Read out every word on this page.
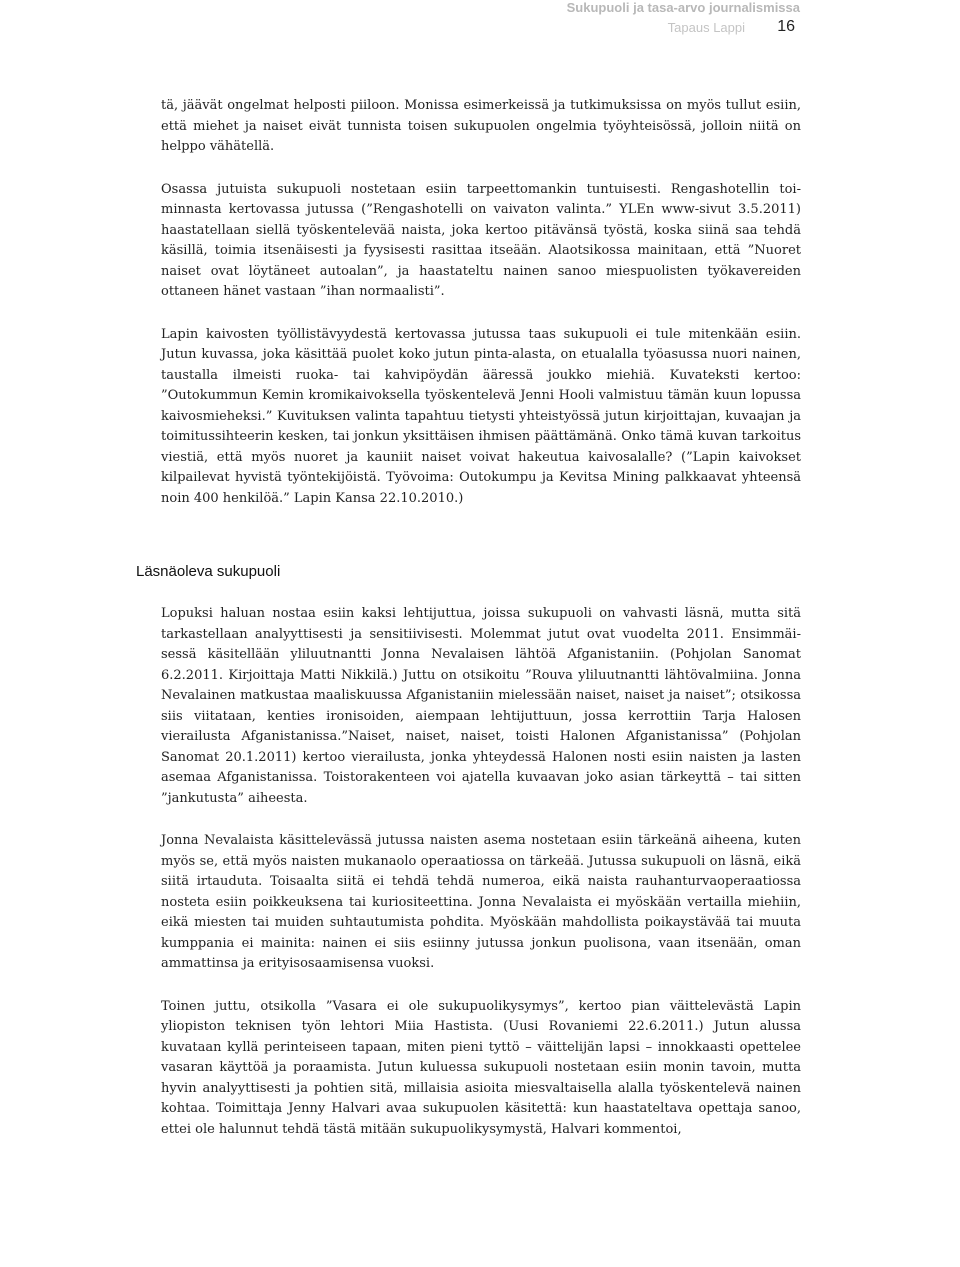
Sukupuoli ja tasa-arvo journalismissa
Tapaus Lappi 16

tä, jäävät ongelmat helposti piiloon. Monissa esimerkeissä ja tutkimuksissa on myös tullut esiin, että miehet ja naiset eivät tunnista toisen sukupuolen ongelmia työyhteisössä, jolloin niitä on helppo vähätellä.

Osassa jutuista sukupuoli nostetaan esiin tarpeettomankin tuntuisesti. Rengashotellin toiminnasta kertovassa jutussa (”Rengashotelli on vaivaton valinta.” YLEn www-sivut 3.5.2011) haastatellaan siellä työskentelevää naista, joka kertoo pitävänsä työstä, koska siinä saa tehdä käsillä, toimia itsenäisesti ja fyysisesti rasittaa itseään. Alaotsikossa mainitaan, että ”Nuoret naiset ovat löytäneet autoalan”, ja haastateltu nainen sanoo miespuolisten työkavereiden ottaneen hänet vastaan ”ihan normaalisti”.

Lapin kaivosten työllistävyydestä kertovassa jutussa taas sukupuoli ei tule mitenkään esiin. Jutun kuvassa, joka käsittää puolet koko jutun pinta-alasta, on etualalla työasussa nuori nainen, taustalla ilmeisti ruoka- tai kahvipöydän ääressä joukko miehiä. Kuvateksti kertoo: ”Outokummun Kemin kromikaivoksella työskentelevä Jenni Hooli valmistuu tämän kuun lopussa kaivosmieheksi.” Kuvituksen valinta tapahtuu tietysti yhteistyössä jutun kirjoittajan, kuvaajan ja toimitussihteerin kesken, tai jonkun yksittäisen ihmisen päättämänä. Onko tämä kuvan tarkoitus viestiä, että myös nuoret ja kauniit naiset voivat hakeutua kaivosalalle? (”Lapin kaivokset kilpailevat hyvistä työntekijöistä. Työvoima: Outokumpu ja Kevitsa Mining palkkaavat yhteensä noin 400 henkilöä.” Lapin Kansa 22.10.2010.)

Läsnäoleva sukupuoli

Lopuksi haluan nostaa esiin kaksi lehtijuttua, joissa sukupuoli on vahvasti läsnä, mutta sitä tarkastellaan analyyttisesti ja sensitiivisesti. Molemmat jutut ovat vuodelta 2011. Ensimmäisessä käsitellään yliluutnantti Jonna Nevalaisen lähtöä Afganistaniin. (Pohjolan Sanomat 6.2.2011. Kirjoittaja Matti Nikkilä.) Juttu on otsikoitu ”Rouva yliluutnantti lähtövalmiina. Jonna Nevalainen matkustaa maaliskuussa Afganistaniin mielessään naiset, naiset ja naiset”; otsikossa siis viitataan, kenties ironisoiden, aiempaan lehtijuttuun, jossa kerrottiin Tarja Halosen vierailusta Afganistanissa.”Naiset, naiset, naiset, toisti Halonen Afganistanissa” (Pohjolan Sanomat 20.1.2011) kertoo vierailusta, jonka yhteydessä Halonen nosti esiin naisten ja lasten asemaa Afganistanissa. Toistorakenteen voi ajatella kuvaavan joko asian tärkeyttä – tai sitten ”jankutusta” aiheesta.

Jonna Nevalaista käsittelevässä jutussa naisten asema nostetaan esiin tärkeänä aiheena, kuten myös se, että myös naisten mukanaolo operaatiossa on tärkeää. Jutussa sukupuoli on läsnä, eikä siitä irtauduta. Toisaalta siitä ei tehdä tehdä numeroa, eikä naista rauhanturvaoperaatiossa nosteta esiin poikkeuksena tai kuriositeettina. Jonna Nevalaista ei myöskään vertailla miehiin, eikä miesten tai muiden suhtautumista pohdita. Myöskään mahdollista poikaystävää tai muuta kumppania ei mainita: nainen ei siis esiinny jutussa jonkun puolisona, vaan itsenään, oman ammattinsa ja erityisosaamisensa vuoksi.

Toinen juttu, otsikolla ”Vasara ei ole sukupuolikysymys”, kertoo pian väittelevästä Lapin yliopiston teknisen työn lehtori Miia Hastista. (Uusi Rovaniemi 22.6.2011.) Jutun alussa kuvataan kyllä perinteiseen tapaan, miten pieni tyttö – väittelijän lapsi – innokkaasti opettelee vasaran käyttöä ja poraamista. Jutun kuluessa sukupuoli nostetaan esiin monin tavoin, mutta hyvin analyyttisesti ja pohtien sitä, millaisia asioita miesvaltaisella alalla työskentelevä nainen kohtaa. Toimittaja Jenny Halvari avaa sukupuolen käsitettä: kun haastateltava opettaja sanoo, ettei ole halunnut tehdä tästä mitään sukupuolikysymystä, Halvari kommentoi,
